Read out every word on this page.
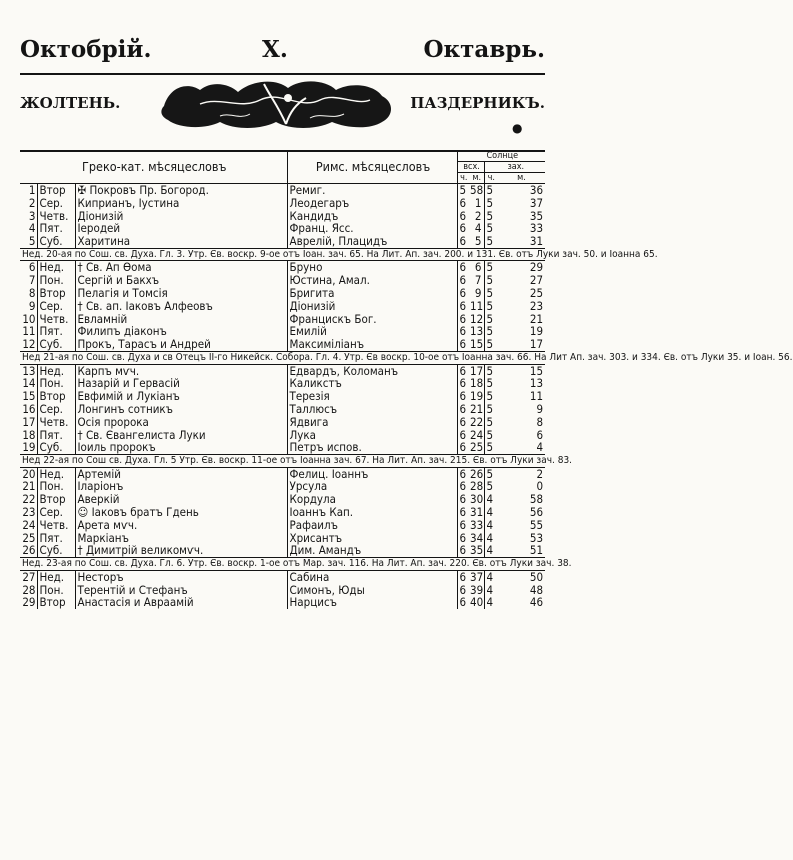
Октобрій.	X.	Октаврь.
ЖОЛТЕНЬ.	ПАЗДЕРНИКЪ.
●
Греко-кат. мѣсяцесловъ			Римс. мѣсяцесловъ	Солнце			
				всх.		зах.	
				ч.	м.	ч.	м.
1	Втор	✠ Покровъ Пр. Богород.	Ремиг.	5	58	5	36
2	Сер.	Киприанъ, Іустина	Леодегаръ	6	1	5	37
3	Четв.	Діонизій	Кандидъ	6	2	5	35
4	Пят.	Іеродей	Франц. Ясс.	6	4	5	33
5	Суб.	Харитина	Аврелій, Плацидъ	6	5	5	31
Нед. 20-ая по Сош. св. Духа. Гл. 3. Утр. Єв. воскр. 9-ое отъ Іоан. зач. 65. На Лит. Ап. зач. 200. и 131. Єв. отъ Луки зач. 50. и Іоанна 65.							
6	Нед.	† Св. Ап Ѳома	Бруно	6	6	5	29
7	Пон.	Сергій и Бакхъ	Юстина, Амал.	6	7	5	27
8	Втор	Пелагія и Томсія	Бригита	6	9	5	25
9	Сер.	† Св. ап. Іаковъ Алфеовъ	Діонизій	6	11	5	23
10	Четв.	Евламній	Францискъ Бог.	6	12	5	21
11	Пят.	Филипъ діаконъ	Емилій	6	13	5	19
12	Суб.	Прокъ, Тарасъ и Андрей	Максиміліанъ	6	15	5	17
Нед 21-ая по Сош. св. Духа и св Отецъ II-го Никейск. Собора. Гл. 4. Утр. Єв воскр. 10-ое отъ Іоанна зач. 66. На Лит Ап. зач. 303. и 334. Єв. отъ Луки 35. и Іоан. 56.							
13	Нед.	Карпъ мѵч.	Едвардъ, Коломанъ	6	17	5	15
14	Пон.	Назарій и Гервасій	Каликстъ	6	18	5	13
15	Втор	Евфимій и Лукіанъ	Терезія	6	19	5	11
16	Сер.	Лонгинъ сотникъ	Таллюсъ	6	21	5	9
17	Четв.	Осія пророка	Ядвига	6	22	5	8
18	Пят.	† Св. Євангелиста Луки	Лука	6	24	5	6
19	Суб.	Іоиль пророкъ	Петръ испов.	6	25	5	4
Нед 22-ая по Сош св. Духа. Гл. 5 Утр. Єв. воскр. 11-ое отъ Іоанна зач. 67. На Лит. Ап. зач. 215. Єв. отъ Луки зач. 83.							
20	Нед.	Артемій	Фелиц. Іоаннъ	6	26	5	2
21	Пон.	Іларіонъ	Урсула	6	28	5	0
22	Втор	Аверкій	Кордула	6	30	4	58
23	Сер.	☺ Іаковъ братъ Гдень	Іоаннъ Кап.	6	31	4	56
24	Четв.	Арета мѵч.	Рафаилъ	6	33	4	55
25	Пят.	Маркіанъ	Хрисантъ	6	34	4	53
26	Суб.	† Димитрій великомѵч.	Дим. Амандъ	6	35	4	51
Нед. 23-ая по Сош. св. Духа. Гл. 6. Утр. Єв. воскр. 1-ое отъ Мар. зач. 116. На Лит. Ап. зач. 220. Єв. отъ Луки зач. 38.							
27	Нед.	Несторъ	Сабина	6	37	4	50
28	Пон.	Терентій и Стефанъ	Симонъ, Юды	6	39	4	48
29	Втор	Анастасія и Авраамій	Нарцисъ	6	40	4	46
